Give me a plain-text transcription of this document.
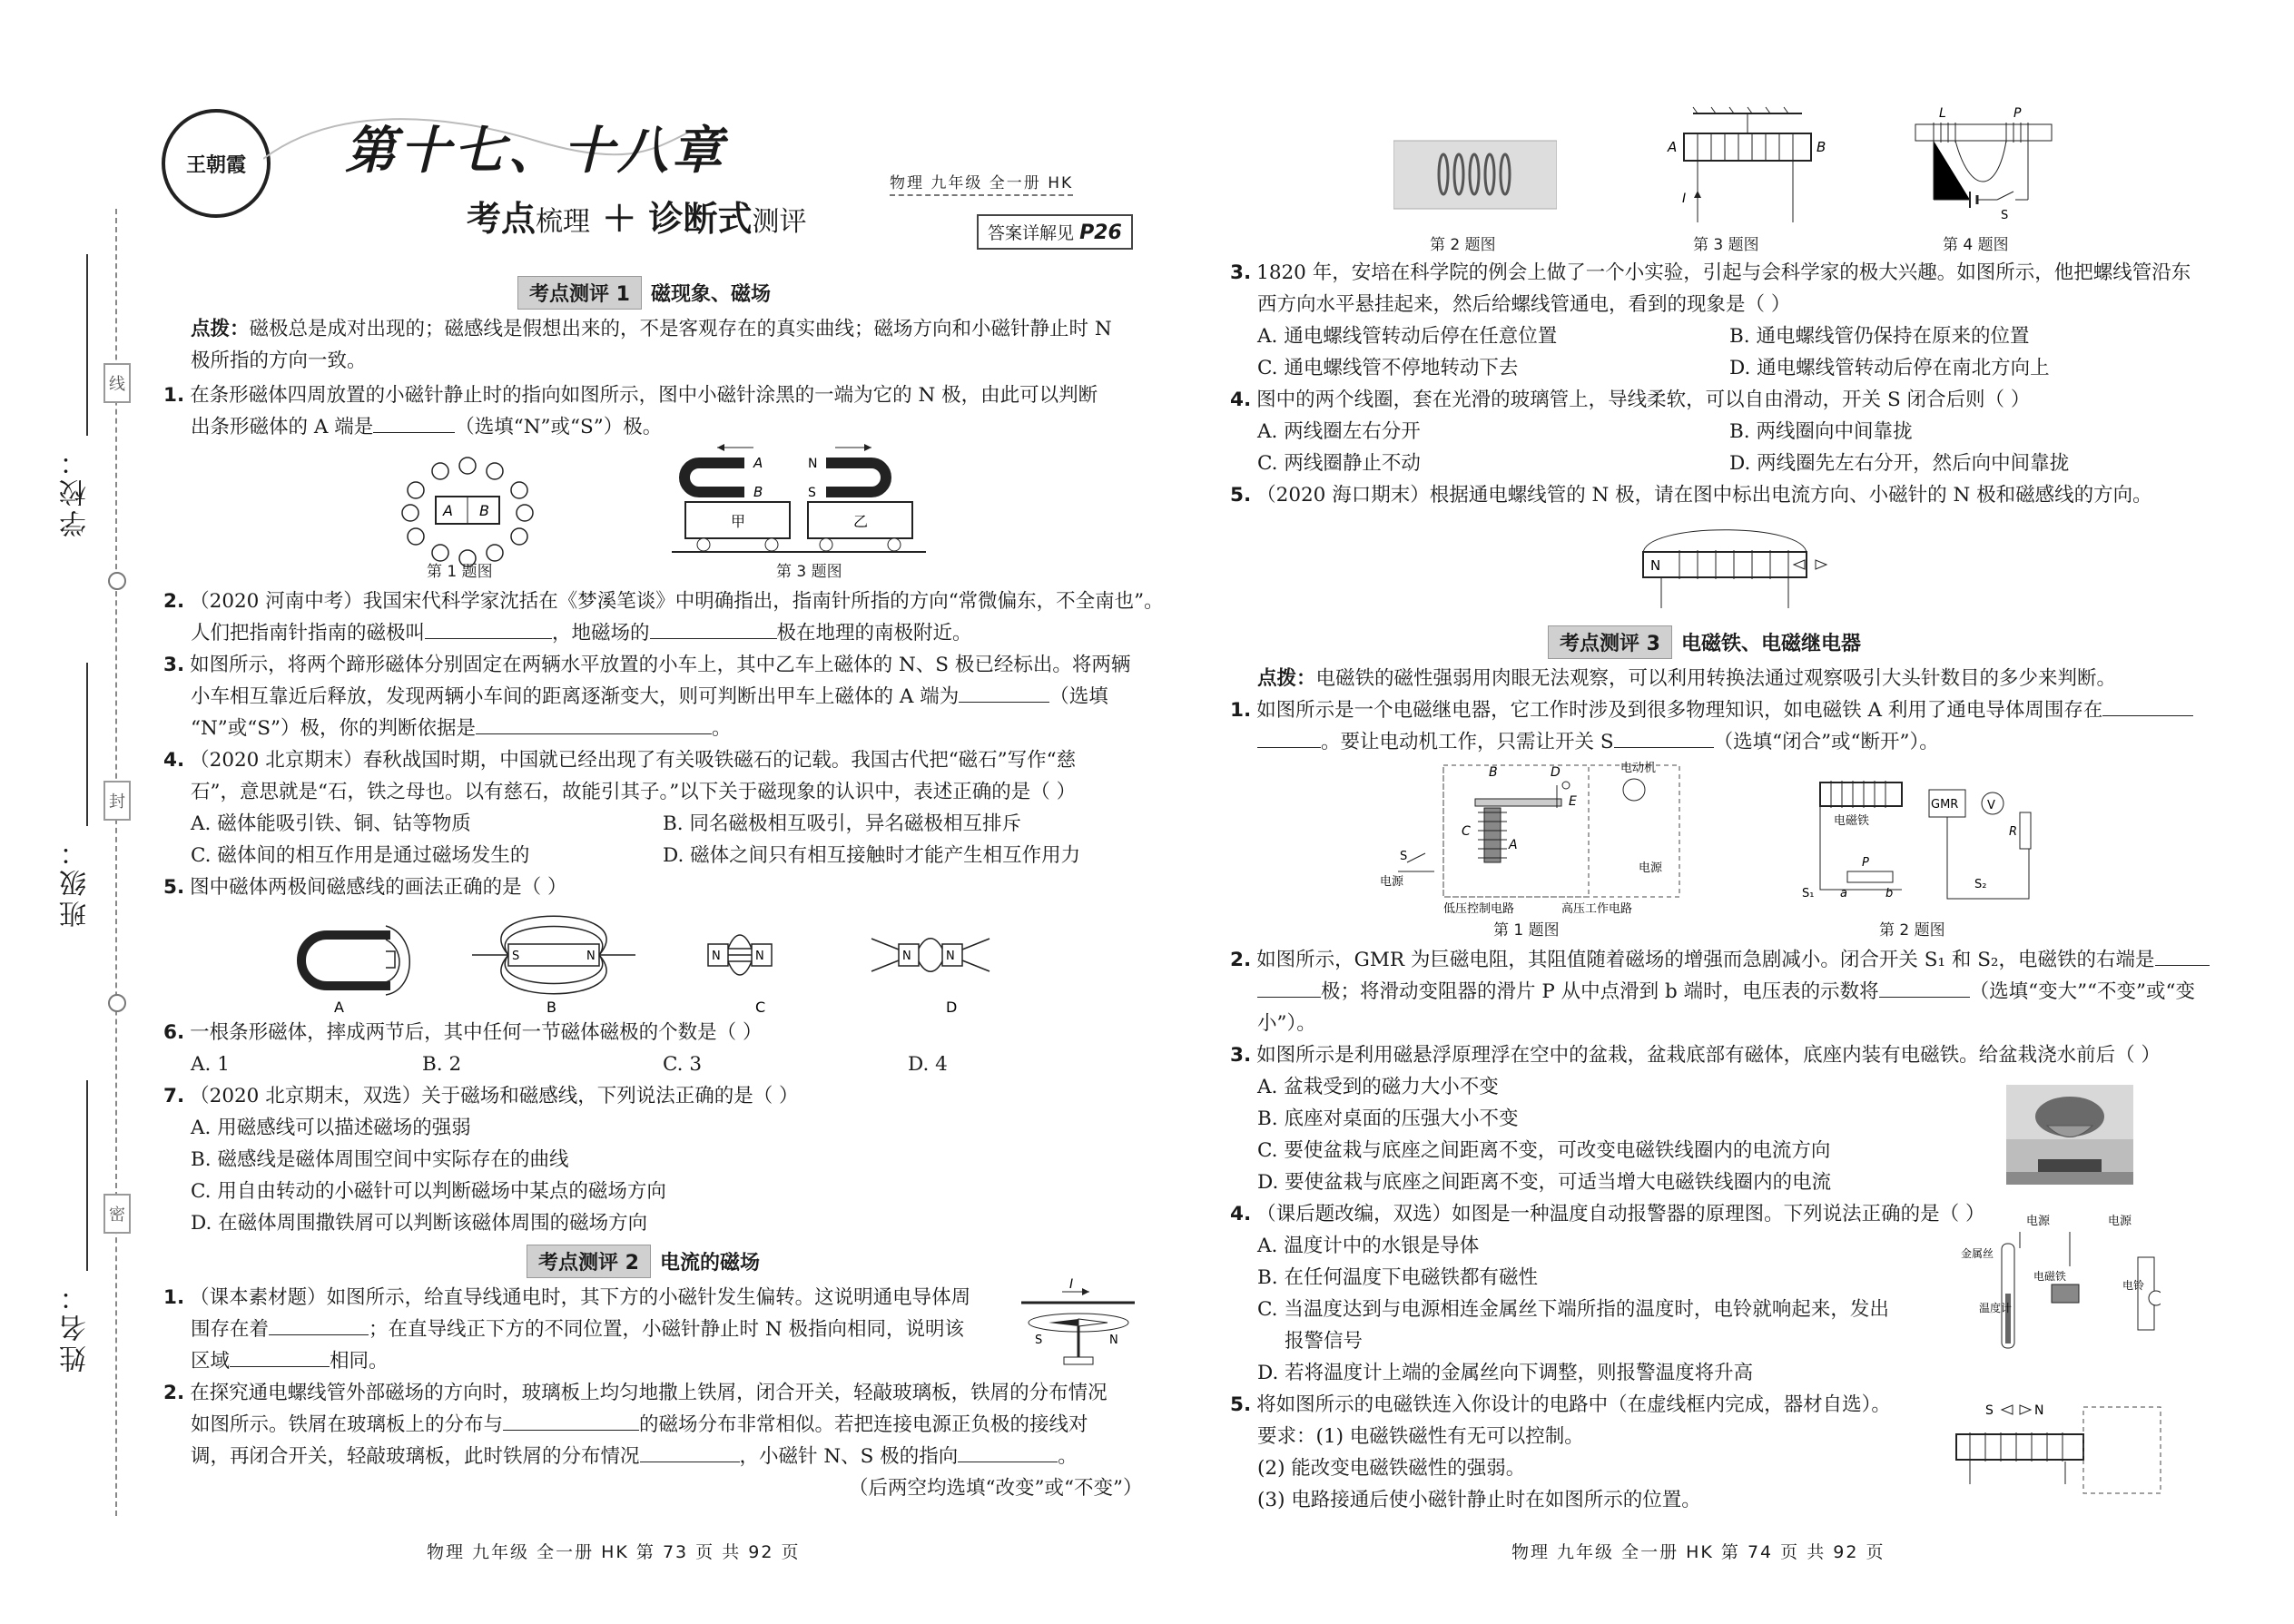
学校：
班级：
姓名：
线
封
密
王朝霞 第十七、十八章
考点梳理 ＋ 诊断式测评
物理 九年级 全一册 HK
答案详解见 P26
考点测评 1	磁现象、磁场
点拨：磁极总是成对出现的；磁感线是假想出来的，不是客观存在的真实曲线；磁场方向和小磁针静止时 N
极所指的方向一致。
1. 在条形磁体四周放置的小磁针静止时的指向如图所示，图中小磁针涂黑的一端为它的 N 极，由此可以判断
出条形磁体的 A 端是	（选填“N”或“S”）极。
A B
第 1 题图
A
B
N
S
甲	乙
第 3 题图
2. （2020 河南中考）我国宋代科学家沈括在《梦溪笔谈》中明确指出，指南针所指的方向“常微偏东，不全南也”。
人们把指南针指南的磁极叫	，地磁场的	极在地理的南极附近。
3. 如图所示，将两个蹄形磁体分别固定在两辆水平放置的小车上，其中乙车上磁体的 N、S 极已经标出。将两辆
小车相互靠近后释放，发现两辆小车间的距离逐渐变大，则可判断出甲车上磁体的 A 端为	（选填
“N”或“S”）极，你的判断依据是	。
4. （2020 北京期末）春秋战国时期，中国就已经出现了有关吸铁磁石的记载。我国古代把“磁石”写作“慈
石”，意思就是“石，铁之母也。以有慈石，故能引其子。”以下关于磁现象的认识中，表述正确的是（ ）
A. 磁体能吸引铁、铜、钴等物质	B. 同名磁极相互吸引，异名磁极相互排斥
C. 磁体间的相互作用是通过磁场发生的	D. 磁体之间只有相互接触时才能产生相互作用力
5. 图中磁体两极间磁感线的画法正确的是（ ）
S	N	N	N	N	N
A	B	C	D
6. 一根条形磁体，摔成两节后，其中任何一节磁体磁极的个数是（ ）
A. 1	B. 2	C. 3	D. 4
7. （2020 北京期末，双选）关于磁场和磁感线，下列说法正确的是（ ）
A. 用磁感线可以描述磁场的强弱
B. 磁感线是磁体周围空间中实际存在的曲线
C. 用自由转动的小磁针可以判断磁场中某点的磁场方向
D. 在磁体周围撒铁屑可以判断该磁体周围的磁场方向
考点测评 2	电流的磁场
1. （课本素材题）如图所示，给直导线通电时，其下方的小磁针发生偏转。这说明通电导体周
围存在着	；在直导线正下方的不同位置，小磁针静止时 N 极指向相同，说明该
区域	相同。
I
S	N
2. 在探究通电螺线管外部磁场的方向时，玻璃板上均匀地撒上铁屑，闭合开关，轻敲玻璃板，铁屑的分布情况
如图所示。铁屑在玻璃板上的分布与	的磁场分布非常相似。若把连接电源正负极的接线对
调，再闭合开关，轻敲玻璃板，此时铁屑的分布情况	，小磁针 N、S 极的指向	。
（后两空均选填“改变”或“不变”）
物理 九年级 全一册 HK 第 73 页 共 92 页
第 2 题图
A	B
I
第 3 题图
L	P
S
第 4 题图
3. 1820 年，安培在科学院的例会上做了一个小实验，引起与会科学家的极大兴趣。如图所示，他把螺线管沿东
西方向水平悬挂起来，然后给螺线管通电，看到的现象是（ ）
A. 通电螺线管转动后停在任意位置	B. 通电螺线管仍保持在原来的位置
C. 通电螺线管不停地转动下去	D. 通电螺线管转动后停在南北方向上
4. 图中的两个线圈，套在光滑的玻璃管上，导线柔软，可以自由滑动，开关 S 闭合后则（ ）
A. 两线圈左右分开	B. 两线圈向中间靠拢
C. 两线圈静止不动	D. 两线圈先左右分开，然后向中间靠拢
5. （2020 海口期末）根据通电螺线管的 N 极，请在图中标出电流方向、小磁针的 N 极和磁感线的方向。
N
考点测评 3	电磁铁、电磁继电器
点拨：电磁铁的磁性强弱用肉眼无法观察，可以利用转换法通过观察吸引大头针数目的多少来判断。
1. 如图所示是一个电磁继电器，它工作时涉及到很多物理知识，如电磁铁 A 利用了通电导体周围存在
。要让电动机工作，只需让开关 S	（选填“闭合”或“断开”）。
B	D
C
A
E
S
电动机
电源
电源
低压控制电路	高压工作电路
第 1 题图
电磁铁
GMR V
R
P
a	b
S₁
S₂
第 2 题图
2. 如图所示，GMR 为巨磁电阻，其阻值随着磁场的增强而急剧减小。闭合开关 S₁ 和 S₂，电磁铁的右端是
极；将滑动变阻器的滑片 P 从中点滑到 b 端时，电压表的示数将	（选填“变大”“不变”或“变
小”）。
3. 如图所示是利用磁悬浮原理浮在空中的盆栽，盆栽底部有磁体，底座内装有电磁铁。给盆栽浇水前后（ ）
A. 盆栽受到的磁力大小不变
B. 底座对桌面的压强大小不变
C. 要使盆栽与底座之间距离不变，可改变电磁铁线圈内的电流方向
D. 要使盆栽与底座之间距离不变，可适当增大电磁铁线圈内的电流
4. （课后题改编，双选）如图是一种温度自动报警器的原理图。下列说法正确的是（ ）
A. 温度计中的水银是导体
B. 在任何温度下电磁铁都有磁性
C. 当温度达到与电源相连金属丝下端所指的温度时，电铃就响起来，发出
报警信号
D. 若将温度计上端的金属丝向下调整，则报警温度将升高
电源	电源
金属丝
温度计
电磁铁
电铃
5. 将如图所示的电磁铁连入你设计的电路中（在虚线框内完成，器材自选）。
要求：(1) 电磁铁磁性有无可以控制。
(2) 能改变电磁铁磁性的强弱。
(3) 电路接通后使小磁针静止时在如图所示的位置。
S	N
物理 九年级 全一册 HK 第 74 页 共 92 页
